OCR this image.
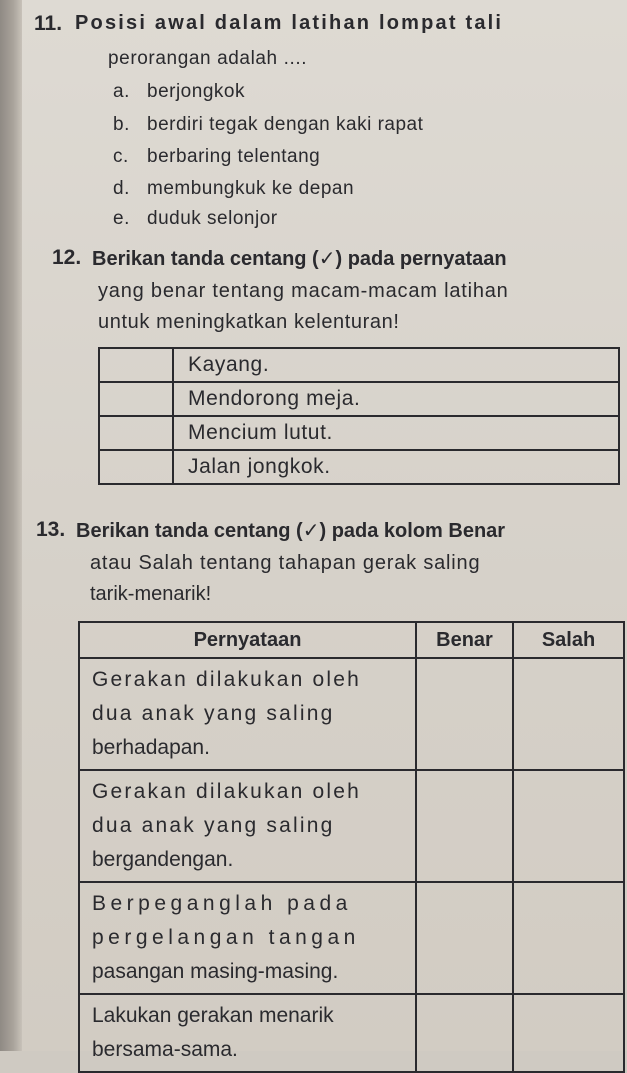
11. Posisi awal dalam latihan lompat tali
perorangan adalah ....
a. berjongkok
b. berdiri tegak dengan kaki rapat
c. berbaring telentang
d. membungkuk ke depan
e. duduk selonjor
12. Berikan tanda centang (✓) pada pernyataan
yang benar tentang macam-macam latihan
untuk meningkatkan kelenturan!
	Kayang.
	Mendorong meja.
	Mencium lutut.
	Jalan jongkok.
13. Berikan tanda centang (✓) pada kolom Benar
atau Salah tentang tahapan gerak saling
tarik-menarik!
Pernyataan	Benar	Salah

Gerakan dilakukan oleh
dua anak yang saling
berhadapan.		

Gerakan dilakukan oleh
dua anak yang saling
bergandengan.		

Berpeganglah pada
pergelangan tangan
pasangan masing-masing.		

Lakukan gerakan menarik
bersama-sama.		
